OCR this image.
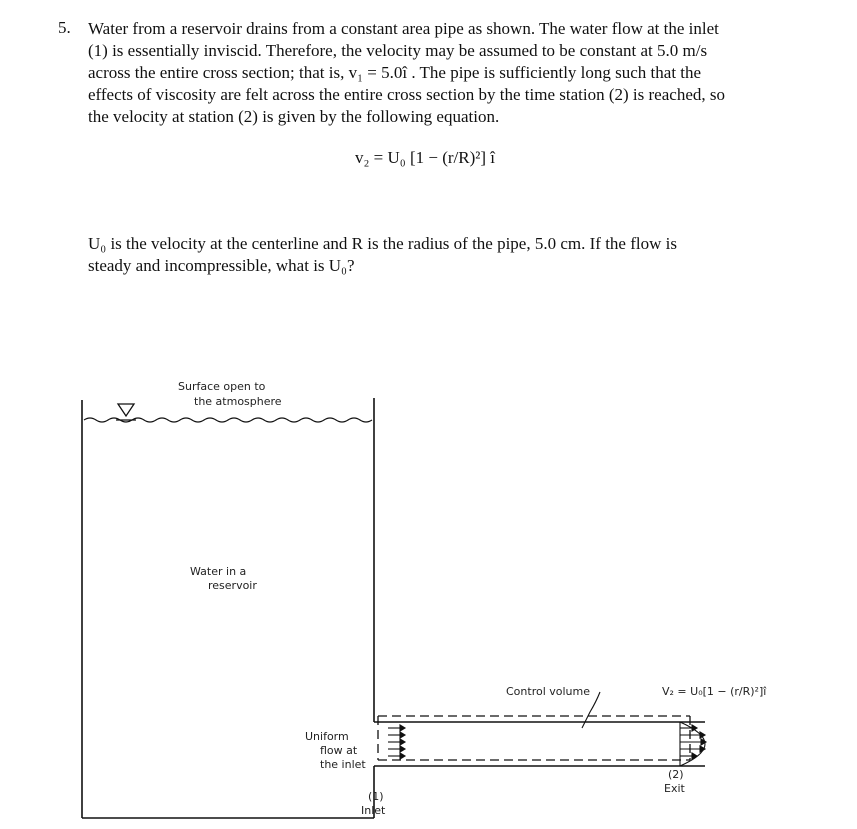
5. Water from a reservoir drains from a constant area pipe as shown. The water flow at the inlet
(1) is essentially inviscid. Therefore, the velocity may be assumed to be constant at 5.0 m/s
across the entire cross section; that is, v₁ = 5.0î . The pipe is sufficiently long such that the
effects of viscosity are felt across the entire cross section by the time station (2) is reached, so
the velocity at station (2) is given by the following equation.
v₂ = U₀ [1 − (r/R)²] î
U₀ is the velocity at the centerline and R is the radius of the pipe, 5.0 cm. If the flow is
steady and incompressible, what is U₀?
Surface open to
the atmosphere
Water in a
reservoir
Control volume
Uniform
flow at
the inlet
(1)
Inlet
(2)
Exit
V₂ = U₀[1 − (r/R)²]î
